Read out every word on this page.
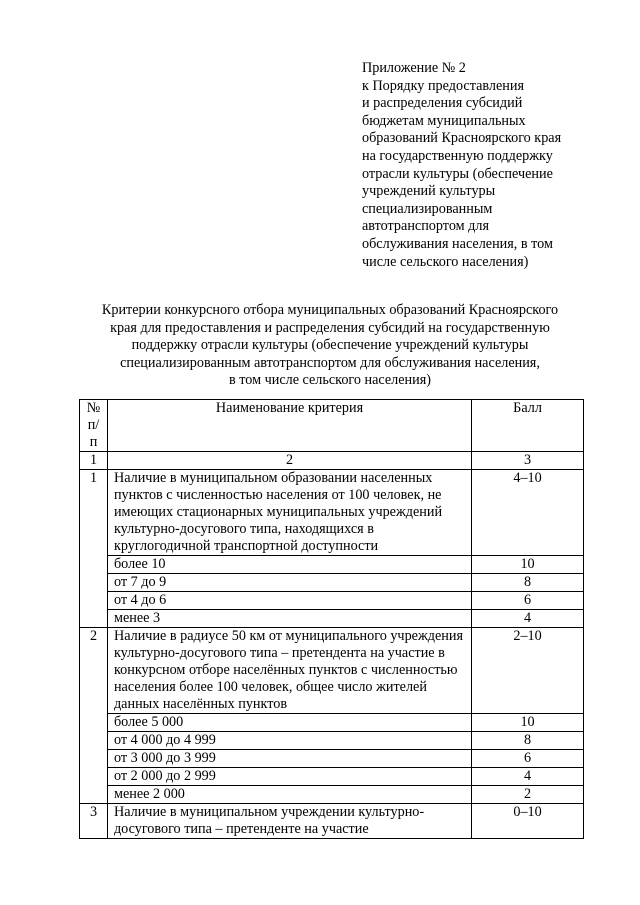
Приложение № 2
к Порядку предоставления
и распределения субсидий
бюджетам муниципальных
образований Красноярского края
на государственную поддержку
отрасли культуры (обеспечение
учреждений культуры
специализированным
автотранспортом для
обслуживания населения, в том
числе сельского населения)
Критерии конкурсного отбора муниципальных образований Красноярского
края для предоставления и распределения субсидий на государственную
поддержку отрасли культуры (обеспечение учреждений культуры
специализированным автотранспортом для обслуживания населения,
в том числе сельского населения)
№ п/п	Наименование критерия	Балл
1	2	3
1	Наличие в муниципальном образовании населенных пунктов с численностью населения от 100 человек, не имеющих стационарных муниципальных учреждений культурно-досугового типа, находящихся в круглогодичной транспортной доступности	4–10
	более 10	10
	от 7 до 9	8
	от 4 до 6	6
	менее 3	4
2	Наличие в радиусе 50 км от муниципального учреждения культурно-досугового типа – претендента на участие в конкурсном отборе населённых пунктов с численностью населения более 100 человек, общее число жителей данных населённых пунктов	2–10
	более 5 000	10
	от 4 000 до 4 999	8
	от 3 000 до 3 999	6
	от 2 000 до 2 999	4
	менее 2 000	2
3	Наличие в муниципальном учреждении культурно-досугового типа – претенденте на участие	0–10
